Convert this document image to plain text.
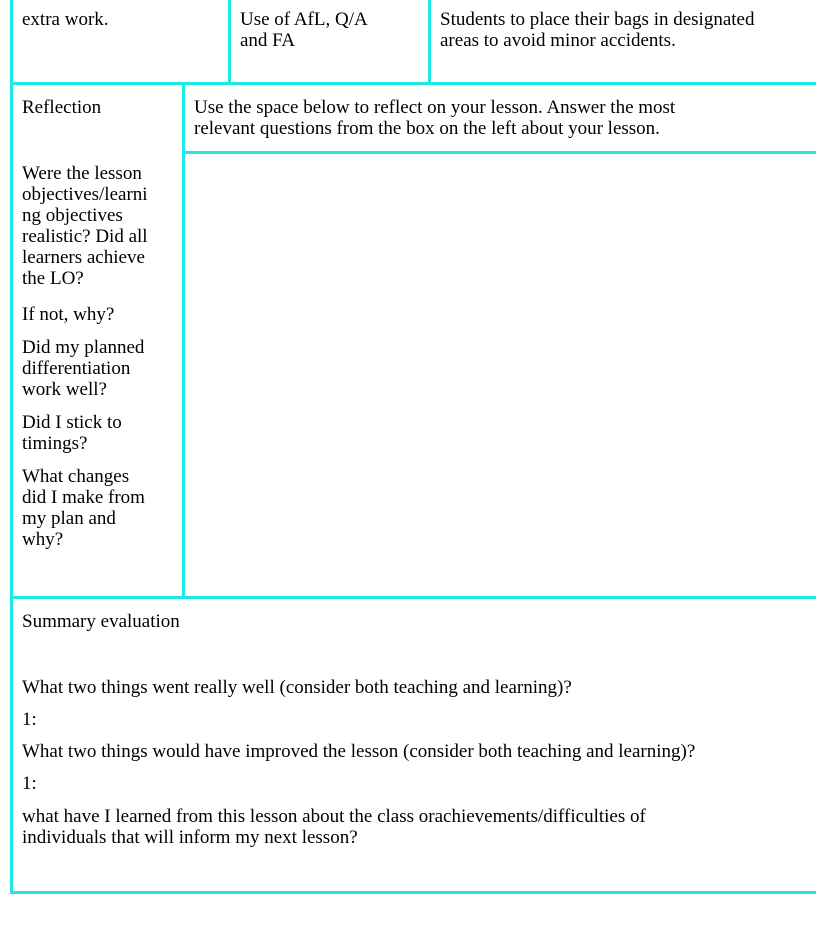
extra work.	Use of AfL, Q/A
and FA
Students to place their bags in designated
areas to avoid minor accidents.

Reflection	Use the space below to reflect on your lesson. Answer the most
relevant questions from the box on the left about your lesson.
Were the lesson
objectives/learni
ng objectives
realistic? Did all
learners achieve
the LO?
If not, why?
Did my planned
differentiation
work well?
Did I stick to
timings?
What changes
did I make from
my plan and
why?

Summary evaluation

What two things went really well (consider both teaching and learning)?

1:

What two things would have improved the lesson (consider both teaching and learning)?

1:

what have I learned from this lesson about the class orachievements/difficulties of
individuals that will inform my next lesson?
